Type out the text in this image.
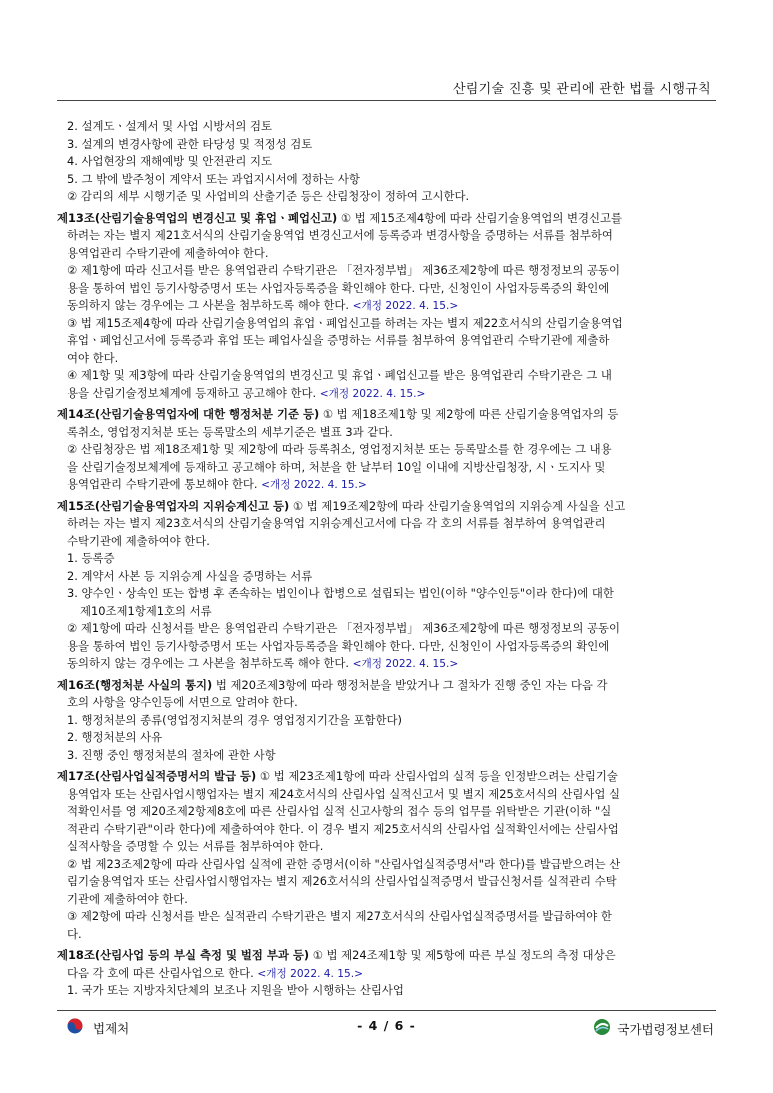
산림기술 진흥 및 관리에 관한 법률 시행규칙
2. 설계도ㆍ설계서 및 사업 시방서의 검토
3. 설계의 변경사항에 관한 타당성 및 적정성 검토
4. 사업현장의 재해예방 및 안전관리 지도
5. 그 밖에 발주청이 계약서 또는 과업지시서에 정하는 사항
② 감리의 세부 시행기준 및 사업비의 산출기준 등은 산림청장이 정하여 고시한다.
제13조(산림기술용역업의 변경신고 및 휴업ㆍ폐업신고) ① 법 제15조제4항에 따라 산림기술용역업의 변경신고를
하려는 자는 별지 제21호서식의 산림기술용역업 변경신고서에 등록증과 변경사항을 증명하는 서류를 첨부하여
용역업관리 수탁기관에 제출하여야 한다.
② 제1항에 따라 신고서를 받은 용역업관리 수탁기관은 「전자정부법」 제36조제2항에 따른 행정정보의 공동이
용을 통하여 법인 등기사항증명서 또는 사업자등록증을 확인해야 한다. 다만, 신청인이 사업자등록증의 확인에
동의하지 않는 경우에는 그 사본을 첨부하도록 해야 한다. <개정 2022. 4. 15.>
③ 법 제15조제4항에 따라 산림기술용역업의 휴업ㆍ폐업신고를 하려는 자는 별지 제22호서식의 산림기술용역업
휴업ㆍ폐업신고서에 등록증과 휴업 또는 폐업사실을 증명하는 서류를 첨부하여 용역업관리 수탁기관에 제출하
여야 한다.
④ 제1항 및 제3항에 따라 산림기술용역업의 변경신고 및 휴업ㆍ폐업신고를 받은 용역업관리 수탁기관은 그 내
용을 산림기술정보체계에 등재하고 공고해야 한다. <개정 2022. 4. 15.>
제14조(산림기술용역업자에 대한 행정처분 기준 등) ① 법 제18조제1항 및 제2항에 따른 산림기술용역업자의 등
록취소, 영업정지처분 또는 등록말소의 세부기준은 별표 3과 같다.
② 산림청장은 법 제18조제1항 및 제2항에 따라 등록취소, 영업정지처분 또는 등록말소를 한 경우에는 그 내용
을 산림기술정보체계에 등재하고 공고해야 하며, 처분을 한 날부터 10일 이내에 지방산림청장, 시ㆍ도지사 및
용역업관리 수탁기관에 통보해야 한다. <개정 2022. 4. 15.>
제15조(산림기술용역업자의 지위승계신고 등) ① 법 제19조제2항에 따라 산림기술용역업의 지위승계 사실을 신고
하려는 자는 별지 제23호서식의 산림기술용역업 지위승계신고서에 다음 각 호의 서류를 첨부하여 용역업관리
수탁기관에 제출하여야 한다.
1. 등록증
2. 계약서 사본 등 지위승계 사실을 증명하는 서류
3. 양수인ㆍ상속인 또는 합병 후 존속하는 법인이나 합병으로 설립되는 법인(이하 "양수인등"이라 한다)에 대한
제10조제1항제1호의 서류
② 제1항에 따라 신청서를 받은 용역업관리 수탁기관은 「전자정부법」 제36조제2항에 따른 행정정보의 공동이
용을 통하여 법인 등기사항증명서 또는 사업자등록증을 확인해야 한다. 다만, 신청인이 사업자등록증의 확인에
동의하지 않는 경우에는 그 사본을 첨부하도록 해야 한다. <개정 2022. 4. 15.>
제16조(행정처분 사실의 통지) 법 제20조제3항에 따라 행정처분을 받았거나 그 절차가 진행 중인 자는 다음 각
호의 사항을 양수인등에 서면으로 알려야 한다.
1. 행정처분의 종류(영업정지처분의 경우 영업정지기간을 포함한다)
2. 행정처분의 사유
3. 진행 중인 행정처분의 절차에 관한 사항
제17조(산림사업실적증명서의 발급 등) ① 법 제23조제1항에 따라 산림사업의 실적 등을 인정받으려는 산림기술
용역업자 또는 산림사업시행업자는 별지 제24호서식의 산림사업 실적신고서 및 별지 제25호서식의 산림사업 실
적확인서를 영 제20조제2항제8호에 따른 산림사업 실적 신고사항의 접수 등의 업무를 위탁받은 기관(이하 "실
적관리 수탁기관"이라 한다)에 제출하여야 한다. 이 경우 별지 제25호서식의 산림사업 실적확인서에는 산림사업
실적사항을 증명할 수 있는 서류를 첨부하여야 한다.
② 법 제23조제2항에 따라 산림사업 실적에 관한 증명서(이하 "산림사업실적증명서"라 한다)를 발급받으려는 산
림기술용역업자 또는 산림사업시행업자는 별지 제26호서식의 산림사업실적증명서 발급신청서를 실적관리 수탁
기관에 제출하여야 한다.
③ 제2항에 따라 신청서를 받은 실적관리 수탁기관은 별지 제27호서식의 산림사업실적증명서를 발급하여야 한
다.
제18조(산림사업 등의 부실 측정 및 벌점 부과 등) ① 법 제24조제1항 및 제5항에 따른 부실 정도의 측정 대상은
다음 각 호에 따른 산림사업으로 한다. <개정 2022. 4. 15.>
1. 국가 또는 지방자치단체의 보조나 지원을 받아 시행하는 산림사업
법제처	- 4 / 6 -	국가법령정보센터
